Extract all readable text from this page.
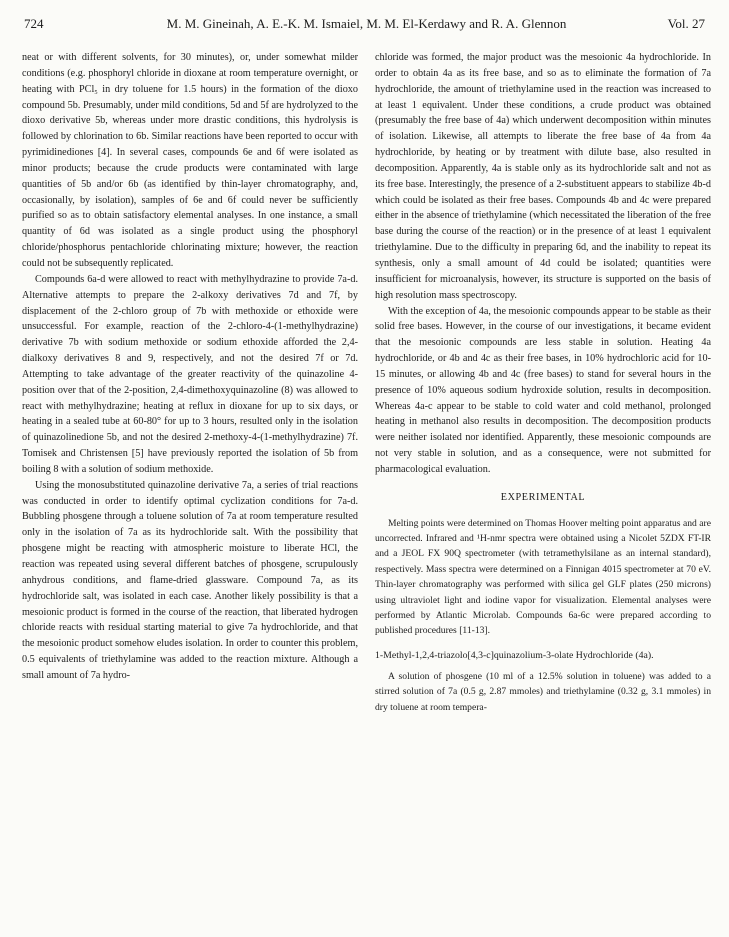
724	M. M. Gineinah, A. E.-K. M. Ismaiel, M. M. El-Kerdawy and R. A. Glennon	Vol. 27

neat or with different solvents, for 30 minutes), or, under somewhat milder conditions (e.g. phosphoryl chloride in dioxane at room temperature overnight, or heating with PCl₅ in dry toluene for 1.5 hours) in the formation of the dioxo compound 5b. Presumably, under mild conditions, 5d and 5f are hydrolyzed to the dioxo derivative 5b, whereas under more drastic conditions, this hydrolysis is followed by chlorination to 6b. Similar reactions have been reported to occur with pyrimidinediones [4]. In several cases, compounds 6e and 6f were isolated as minor products; because the crude products were contaminated with large quantities of 5b and/or 6b (as identified by thin-layer chromatography, and, occasionally, by isolation), samples of 6e and 6f could never be sufficiently purified so as to obtain satisfactory elemental analyses. In one instance, a small quantity of 6d was isolated as a single product using the phosphoryl chloride/phosphorus pentachloride chlorinating mixture; however, the reaction could not be subsequently replicated.

Compounds 6a-d were allowed to react with methylhydrazine to provide 7a-d. Alternative attempts to prepare the 2-alkoxy derivatives 7d and 7f, by displacement of the 2-chloro group of 7b with methoxide or ethoxide were unsuccessful. For example, reaction of the 2-chloro-4-(1-methylhydrazine) derivative 7b with sodium methoxide or sodium ethoxide afforded the 2,4-dialkoxy derivatives 8 and 9, respectively, and not the desired 7f or 7d. Attempting to take advantage of the greater reactivity of the quinazoline 4-position over that of the 2-position, 2,4-dimethoxyquinazoline (8) was allowed to react with methylhydrazine; heating at reflux in dioxane for up to six days, or heating in a sealed tube at 60-80° for up to 3 hours, resulted only in the isolation of quinazolinedione 5b, and not the desired 2-methoxy-4-(1-methylhydrazine) 7f. Tomisek and Christensen [5] have previously reported the isolation of 5b from boiling 8 with a solution of sodium methoxide.

Using the monosubstituted quinazoline derivative 7a, a series of trial reactions was conducted in order to identify optimal cyclization conditions for 7a-d. Bubbling phosgene through a toluene solution of 7a at room temperature resulted only in the isolation of 7a as its hydrochloride salt. With the possibility that phosgene might be reacting with atmospheric moisture to liberate HCl, the reaction was repeated using several different batches of phosgene, scrupulously anhydrous conditions, and flame-dried glassware. Compound 7a, as its hydrochloride salt, was isolated in each case. Another likely possibility is that a mesoionic product is formed in the course of the reaction, that liberated hydrogen chloride reacts with residual starting material to give 7a hydrochloride, and that the mesoionic product somehow eludes isolation. In order to counter this problem, 0.5 equivalents of triethylamine was added to the reaction mixture. Although a small amount of 7a hydro-

chloride was formed, the major product was the mesoionic 4a hydrochloride. In order to obtain 4a as its free base, and so as to eliminate the formation of 7a hydrochloride, the amount of triethylamine used in the reaction was increased to at least 1 equivalent. Under these conditions, a crude product was obtained (presumably the free base of 4a) which underwent decomposition within minutes of isolation. Likewise, all attempts to liberate the free base of 4a from 4a hydrochloride, by heating or by treatment with dilute base, also resulted in decomposition. Apparently, 4a is stable only as its hydrochloride salt and not as its free base. Interestingly, the presence of a 2-substituent appears to stabilize 4b-d which could be isolated as their free bases. Compounds 4b and 4c were prepared either in the absence of triethylamine (which necessitated the liberation of the free base during the course of the reaction) or in the presence of at least 1 equivalent triethylamine. Due to the difficulty in preparing 6d, and the inability to repeat its synthesis, only a small amount of 4d could be isolated; quantities were insufficient for microanalysis, however, its structure is supported on the basis of high resolution mass spectroscopy.

With the exception of 4a, the mesoionic compounds appear to be stable as their solid free bases. However, in the course of our investigations, it became evident that the mesoionic compounds are less stable in solution. Heating 4a hydrochloride, or 4b and 4c as their free bases, in 10% hydrochloric acid for 10-15 minutes, or allowing 4b and 4c (free bases) to stand for several hours in the presence of 10% aqueous sodium hydroxide solution, results in decomposition. Whereas 4a-c appear to be stable to cold water and cold methanol, prolonged heating in methanol also results in decomposition. The decomposition products were neither isolated nor identified. Apparently, these mesoionic compounds are not very stable in solution, and as a consequence, were not submitted for pharmacological evaluation.

EXPERIMENTAL

Melting points were determined on Thomas Hoover melting point apparatus and are uncorrected. Infrared and ¹H-nmr spectra were obtained using a Nicolet 5ZDX FT-IR and a JEOL FX 90Q spectrometer (with tetramethylsilane as an internal standard), respectively. Mass spectra were determined on a Finnigan 4015 spectrometer at 70 eV. Thin-layer chromatography was performed with silica gel GLF plates (250 microns) using ultraviolet light and iodine vapor for visualization. Elemental analyses were performed by Atlantic Microlab. Compounds 6a-6c were prepared according to published procedures [11-13].

1-Methyl-1,2,4-triazolo[4,3-c]quinazolium-3-olate Hydrochloride (4a).

A solution of phosgene (10 ml of a 12.5% solution in toluene) was added to a stirred solution of 7a (0.5 g, 2.87 mmoles) and triethylamine (0.32 g, 3.1 mmoles) in dry toluene at room tempera-
